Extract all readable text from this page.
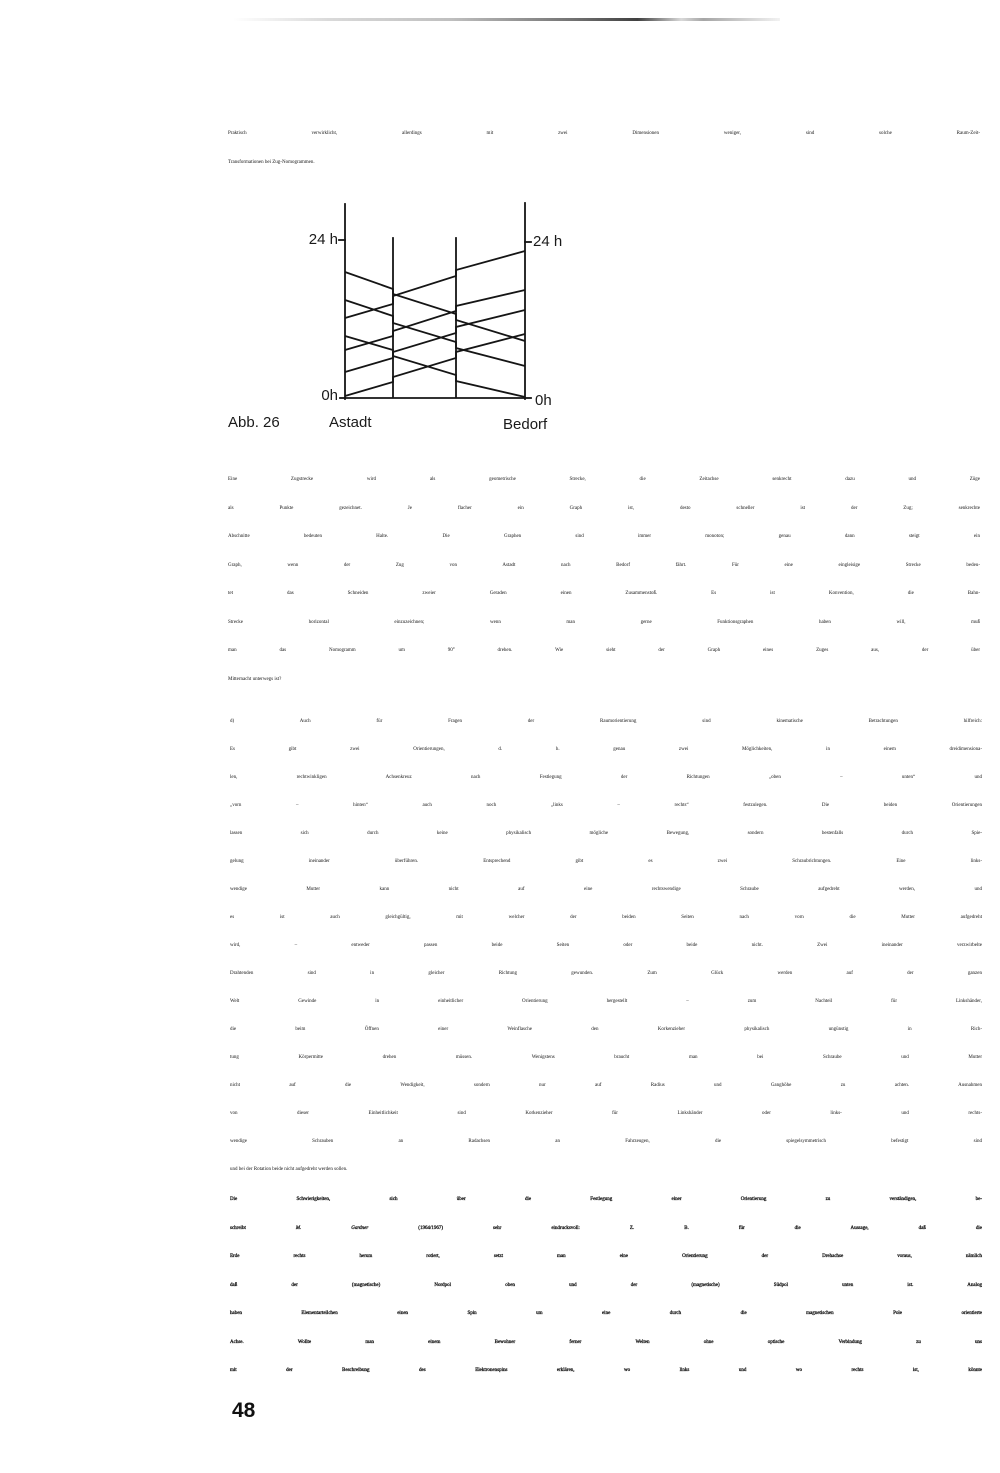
Praktisch verwirklicht, allerdings mit zwei Dimensionen weniger, sind solche Raum-Zeit-
Transformationen bei Zug-Nomogrammen.
24 h	24 h
0h	0h
Abb. 26	Astadt	Bedorf
Eine Zugstrecke wird als geometrische Strecke, die Zeitachse senkrecht dazu und Züge
als Punkte gezeichnet. Je flacher ein Graph ist, desto schneller ist der Zug; senkrechte
Abschnitte bedeuten Halte. Die Graphen sind immer monoton; genau dann steigt ein
Graph, wenn der Zug von Astadt nach Bedorf fährt. Für eine eingleisige Strecke bedeu-
tet das Schneiden zweier Geraden einen Zusammenstoß. Es ist Konvention, die Bahn-
Strecke horizontal einzuzeichnen; wenn man gerne Funktionsgraphen haben will, muß
man das Nomogramm um 90° drehen. Wie sieht der Graph eines Zuges aus, der über
Mitternacht unterwegs ist?
d) Auch für Fragen der Raumorientierung sind kinematische Betrachtungen hilfreich:
Es gibt zwei Orientierungen, d. h. genau zwei Möglichkeiten, in einem dreidimensiona-
len, rechtwinkligen Achsenkreuz nach Festlegung der Richtungen „oben – unten“ und
„vorn – hinten“ auch noch „links – rechts“ festzulegen. Die beiden Orientierungen
lassen sich durch keine physikalisch mögliche Bewegung, sondern bestenfalls durch Spie-
gelung ineinander überführen. Entsprechend gibt es zwei Schraubrichtungen. Eine links-
wendige Mutter kann nicht auf eine rechtswendige Schraube aufgedreht werden, und
es ist auch gleichgültig, mit welcher der beiden Seiten nach vorn die Mutter aufgedreht
wird, – entweder passen beide Seiten oder beide nicht. Zwei ineinander verzwirbelte
Drahtenden sind in gleicher Richtung gewunden. Zum Glück werden auf der ganzen
Welt Gewinde in einheitlicher Orientierung hergestellt – zum Nachteil für Linkshänder,
die beim Öffnen einer Weinflasche den Korkenzieher physikalisch ungünstig in Rich-
tung Körpermitte drehen müssen. Wenigstens braucht man bei Schraube und Mutter
nicht auf die Wendigkeit, sondern nur auf Radius und Ganghöhe zu achten. Ausnahmen
von dieser Einheitlichkeit sind Korkenzieher für Linkshänder oder links- und rechts-
wendige Schrauben an Radachsen an Fahrzeugen, die spiegelsymmetrisch befestigt sind
und bei der Rotation beide nicht aufgedreht werden sollen.
Die Schwierigkeiten, sich über die Festlegung einer Orientierung zu verständigen, be-
schreibt M. Gardner (1964/1967) sehr eindrucksvoll: Z. B. für die Aussage, daß die
Erde rechts herum rotiert, setzt man eine Orientierung der Drehachse voraus, nämlich
daß der (magnetische) Nordpol oben und der (magnetische) Südpol unten ist. Analog
haben Elementarteilchen einen Spin um eine durch die magnetischen Pole orientierte
Achse. Wollte man einem Bewohner ferner Welten ohne optische Verbindung zu uns
mit der Beschreibung des Elektronenspins erklären, wo links und wo rechts ist, könnte
48
